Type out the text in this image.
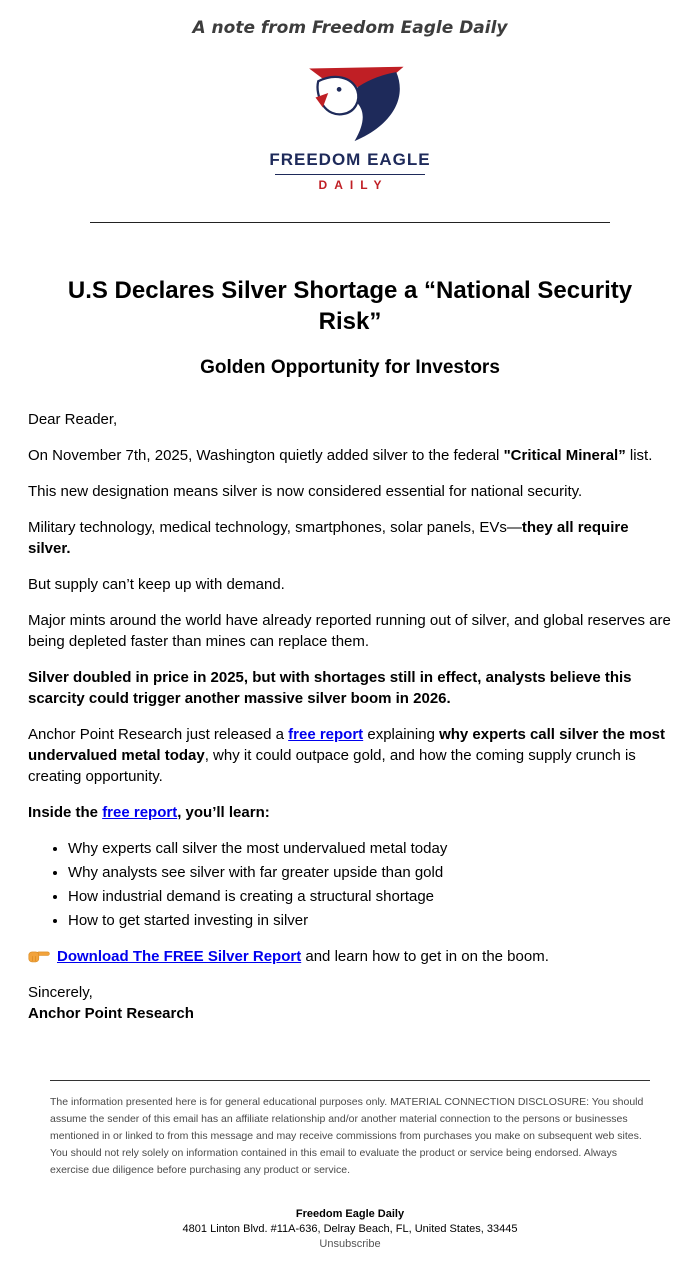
A note from Freedom Eagle Daily
FREEDOM EAGLE
DAILY
U.S Declares Silver Shortage a “National Security Risk”
Golden Opportunity for Investors

Dear Reader,

On November 7th, 2025, Washington quietly added silver to the federal "Critical Mineral” list.

This new designation means silver is now considered essential for national security.

Military technology, medical technology, smartphones, solar panels, EVs—they all require silver.

But supply can’t keep up with demand.

Major mints around the world have already reported running out of silver, and global reserves are being depleted faster than mines can replace them.

Silver doubled in price in 2025, but with shortages still in effect, analysts believe this scarcity could trigger another massive silver boom in 2026.

Anchor Point Research just released a free report explaining why experts call silver the most undervalued metal today, why it could outpace gold, and how the coming supply crunch is creating opportunity.

Inside the free report, you’ll learn:

• Why experts call silver the most undervalued metal today
• Why analysts see silver with far greater upside than gold
• How industrial demand is creating a structural shortage
• How to get started investing in silver

Download The FREE Silver Report and learn how to get in on the boom.

Sincerely,

Anchor Point Research

The information presented here is for general educational purposes only. MATERIAL CONNECTION DISCLOSURE: You should assume the sender of this email has an affiliate relationship and/or another material connection to the persons or businesses mentioned in or linked to from this message and may receive commissions from purchases you make on subsequent web sites. You should not rely solely on information contained in this email to evaluate the product or service being endorsed. Always exercise due diligence before purchasing any product or service.

Freedom Eagle Daily
4801 Linton Blvd. #11A-636, Delray Beach, FL, United States, 33445
Unsubscribe
